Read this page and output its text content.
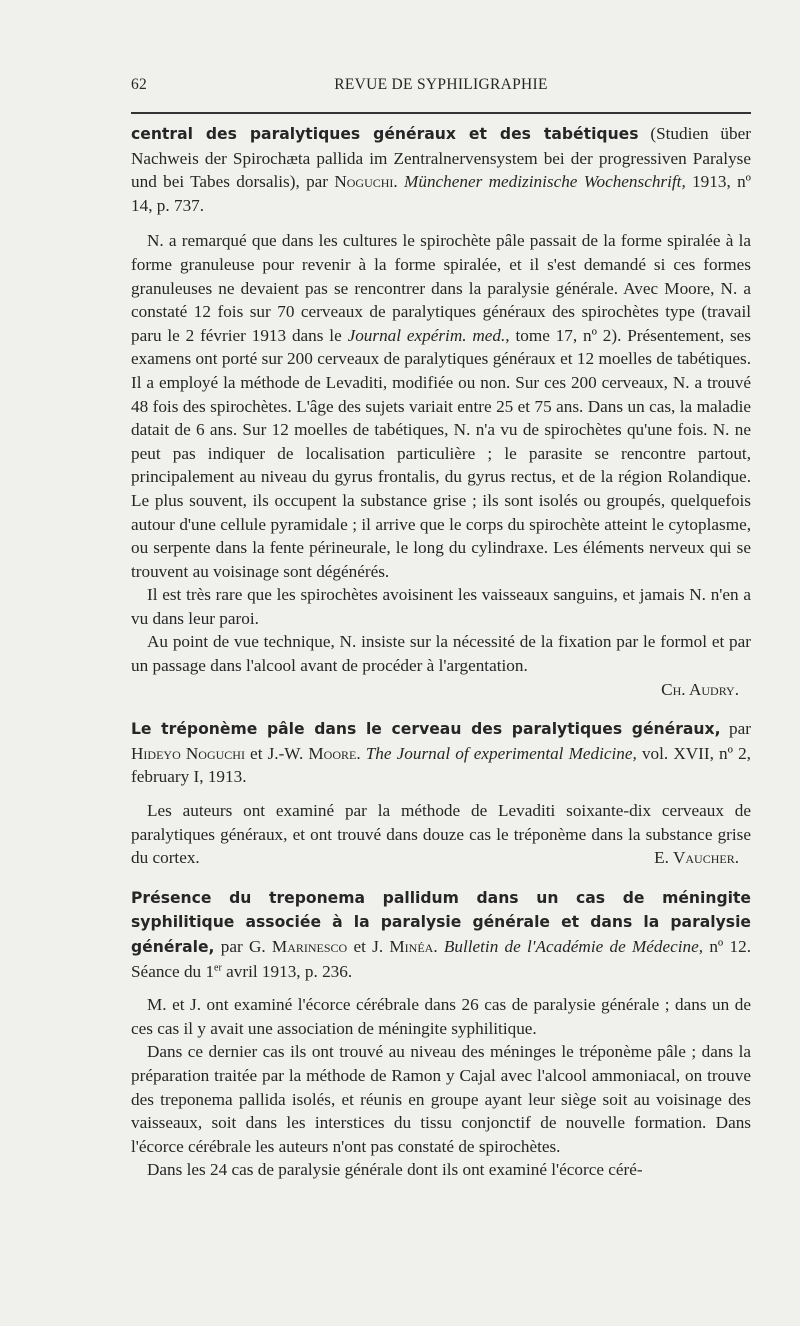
62	REVUE DE SYPHILIGRAPHIE

central des paralytiques généraux et des tabétiques (Studien über Nachweis der Spirochæta pallida im Zentralnervensystem bei der progressiven Paralyse und bei Tabes dorsalis), par Noguchi. Münchener medizinische Wochenschrift, 1913, nº 14, p. 737.

N. a remarqué que dans les cultures le spirochète pâle passait de la forme spiralée à la forme granuleuse pour revenir à la forme spiralée, et il s'est demandé si ces formes granuleuses ne devaient pas se rencontrer dans la paralysie générale. Avec Moore, N. a constaté 12 fois sur 70 cerveaux de paralytiques généraux des spirochètes type (travail paru le 2 février 1913 dans le Journal expérim. med., tome 17, nº 2). Présentement, ses examens ont porté sur 200 cerveaux de paralytiques généraux et 12 moelles de tabétiques. Il a employé la méthode de Levaditi, modifiée ou non. Sur ces 200 cerveaux, N. a trouvé 48 fois des spirochètes. L'âge des sujets variait entre 25 et 75 ans. Dans un cas, la maladie datait de 6 ans. Sur 12 moelles de tabétiques, N. n'a vu de spirochètes qu'une fois. N. ne peut pas indiquer de localisation particulière ; le parasite se rencontre partout, principalement au niveau du gyrus frontalis, du gyrus rectus, et de la région Rolandique. Le plus souvent, ils occupent la substance grise ; ils sont isolés ou groupés, quelquefois autour d'une cellule pyramidale ; il arrive que le corps du spirochète atteint le cytoplasme, ou serpente dans la fente périneurale, le long du cylindraxe. Les éléments nerveux qui se trouvent au voisinage sont dégénérés.

Il est très rare que les spirochètes avoisinent les vaisseaux sanguins, et jamais N. n'en a vu dans leur paroi.

Au point de vue technique, N. insiste sur la nécessité de la fixation par le formol et par un passage dans l'alcool avant de procéder à l'argentation.

Ch. Audry.

Le tréponème pâle dans le cerveau des paralytiques généraux, par Hideyo Noguchi et J.-W. Moore. The Journal of experimental Medicine, vol. XVII, nº 2, february I, 1913.

Les auteurs ont examiné par la méthode de Levaditi soixante-dix cerveaux de paralytiques généraux, et ont trouvé dans douze cas le tréponème dans la substance grise du cortex.	E. Vaucher.

Présence du treponema pallidum dans un cas de méningite syphilitique associée à la paralysie générale et dans la paralysie générale, par G. Marinesco et J. Minéa. Bulletin de l'Académie de Médecine, nº 12. Séance du 1er avril 1913, p. 236.

M. et J. ont examiné l'écorce cérébrale dans 26 cas de paralysie générale ; dans un de ces cas il y avait une association de méningite syphilitique.

Dans ce dernier cas ils ont trouvé au niveau des méninges le tréponème pâle ; dans la préparation traitée par la méthode de Ramon y Cajal avec l'alcool ammoniacal, on trouve des treponema pallida isolés, et réunis en groupe ayant leur siège soit au voisinage des vaisseaux, soit dans les interstices du tissu conjonctif de nouvelle formation. Dans l'écorce cérébrale les auteurs n'ont pas constaté de spirochètes.

Dans les 24 cas de paralysie générale dont ils ont examiné l'écorce céré-
